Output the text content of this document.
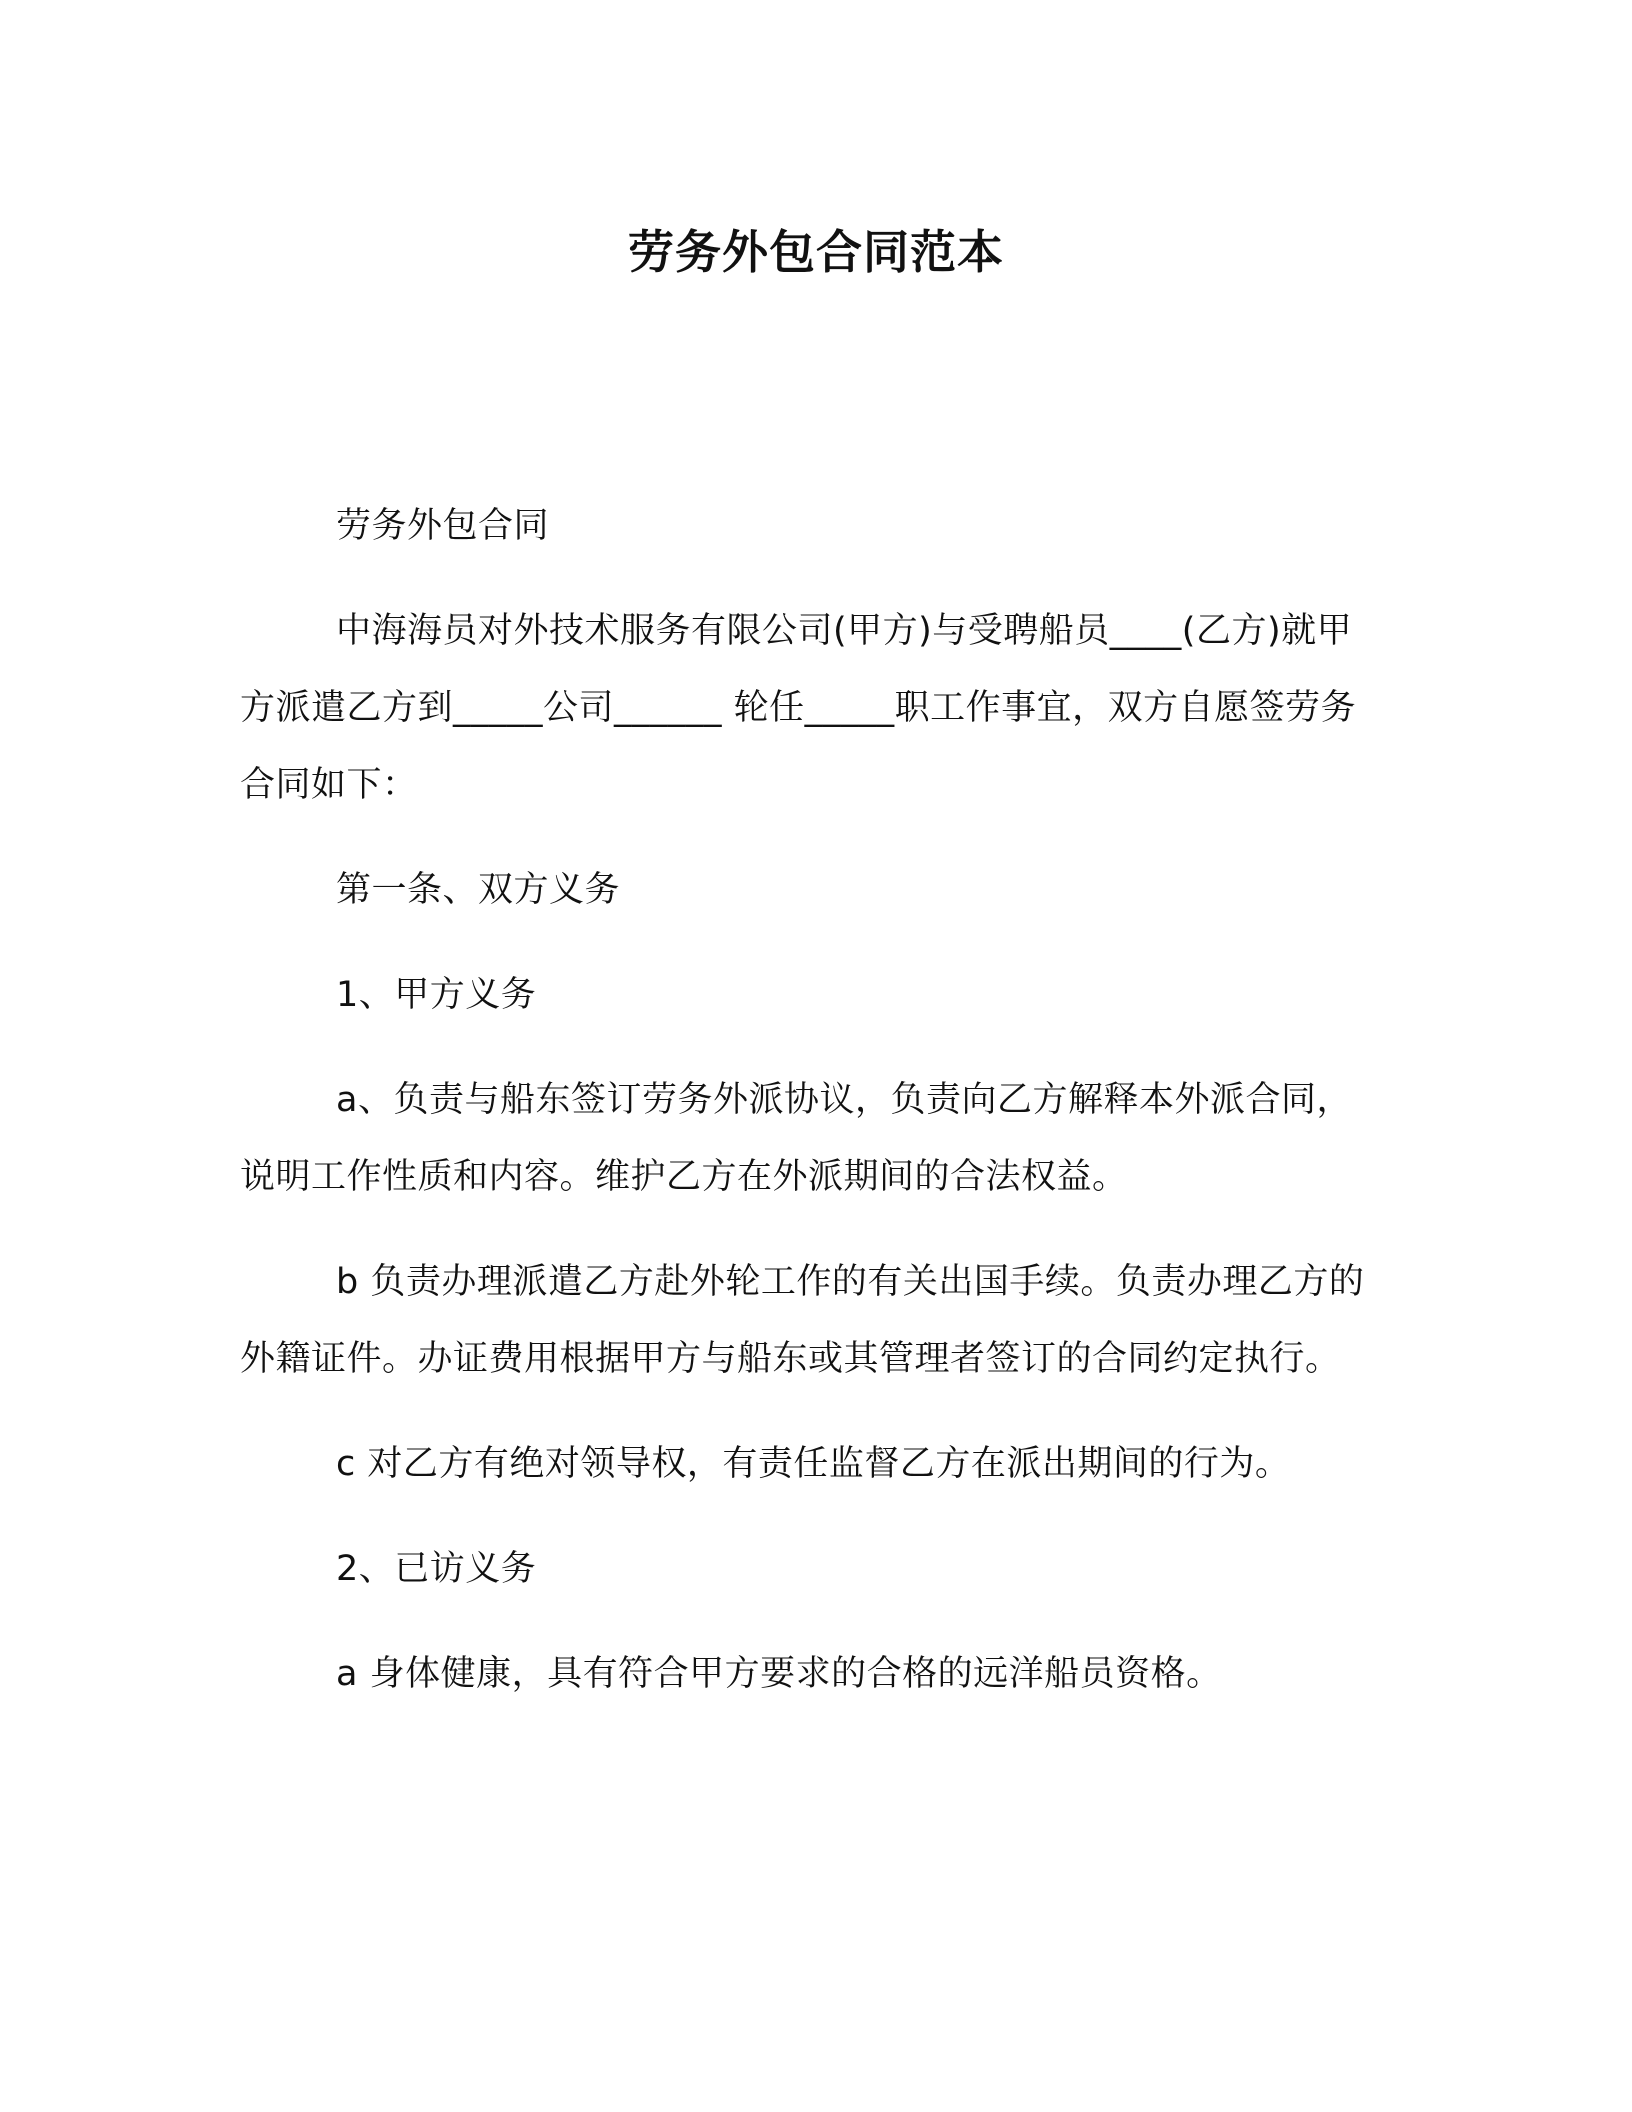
劳务外包合同范本

劳务外包合同

中海海员对外技术服务有限公司(甲方)与受聘船员____(乙方)就甲方派遣乙方到_____公司______ 轮任_____职工作事宜，双方自愿签劳务合同如下：

第一条、双方义务

1、甲方义务

a、负责与船东签订劳务外派协议，负责向乙方解释本外派合同，说明工作性质和内容。维护乙方在外派期间的合法权益。

b 负责办理派遣乙方赴外轮工作的有关出国手续。负责办理乙方的外籍证件。办证费用根据甲方与船东或其管理者签订的合同约定执行。

c 对乙方有绝对领导权，有责任监督乙方在派出期间的行为。

2、已访义务

a 身体健康，具有符合甲方要求的合格的远洋船员资格。
